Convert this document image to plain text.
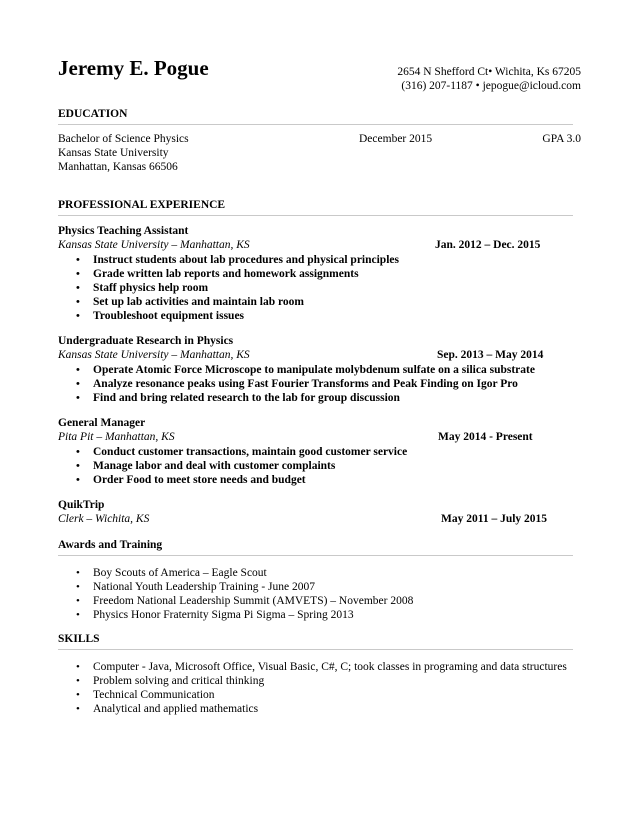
Jeremy E. Pogue	2654 N Shefford Ct• Wichita, Ks 67205
(316) 207-1187 • jepogue@icloud.com
EDUCATION
Bachelor of Science Physics	December 2015	GPA 3.0
Kansas State University
Manhattan, Kansas 66506
PROFESSIONAL EXPERIENCE
Physics Teaching Assistant
Kansas State University – Manhattan, KS	Jan. 2012 – Dec. 2015
• Instruct students about lab procedures and physical principles
• Grade written lab reports and homework assignments
• Staff physics help room
• Set up lab activities and maintain lab room
• Troubleshoot equipment issues
Undergraduate Research in Physics
Kansas State University – Manhattan, KS	Sep. 2013 – May 2014
• Operate Atomic Force Microscope to manipulate molybdenum sulfate on a silica substrate
• Analyze resonance peaks using Fast Fourier Transforms and Peak Finding on Igor Pro
• Find and bring related research to the lab for group discussion
General Manager
Pita Pit – Manhattan, KS	May 2014 - Present
• Conduct customer transactions, maintain good customer service
• Manage labor and deal with customer complaints
• Order Food to meet store needs and budget
QuikTrip
Clerk – Wichita, KS	May 2011 – July 2015
Awards and Training
• Boy Scouts of America – Eagle Scout
• National Youth Leadership Training - June 2007
• Freedom National Leadership Summit (AMVETS) – November 2008
• Physics Honor Fraternity Sigma Pi Sigma – Spring 2013
SKILLS
• Computer - Java, Microsoft Office, Visual Basic, C#, C; took classes in programing and data structures
• Problem solving and critical thinking
• Technical Communication
• Analytical and applied mathematics
